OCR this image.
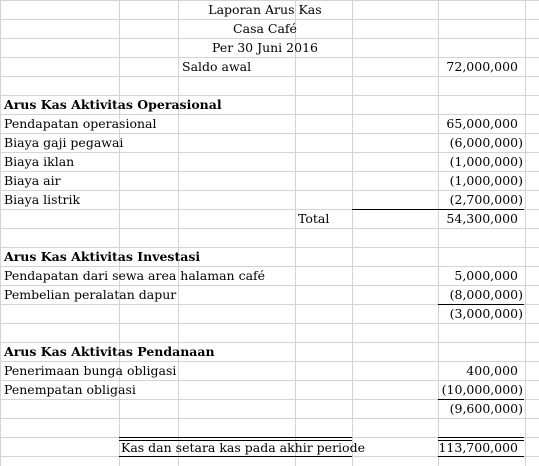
Laporan Arus Kas
Casa Café
Per 30 Juni 2016
Saldo awal	72,000,000
Arus Kas Aktivitas Operasional
Pendapatan operasional	65,000,000
Biaya gaji pegawai	(6,000,000)
Biaya iklan	(1,000,000)
Biaya air	(1,000,000)
Biaya listrik	(2,700,000)
Total	54,300,000
Arus Kas Aktivitas Investasi
Pendapatan dari sewa area halaman café	5,000,000
Pembelian peralatan dapur	(8,000,000)
(3,000,000)
Arus Kas Aktivitas Pendanaan
Penerimaan bunga obligasi	400,000
Penempatan obligasi	(10,000,000)
(9,600,000)
Kas dan setara kas pada akhir periode	113,700,000
